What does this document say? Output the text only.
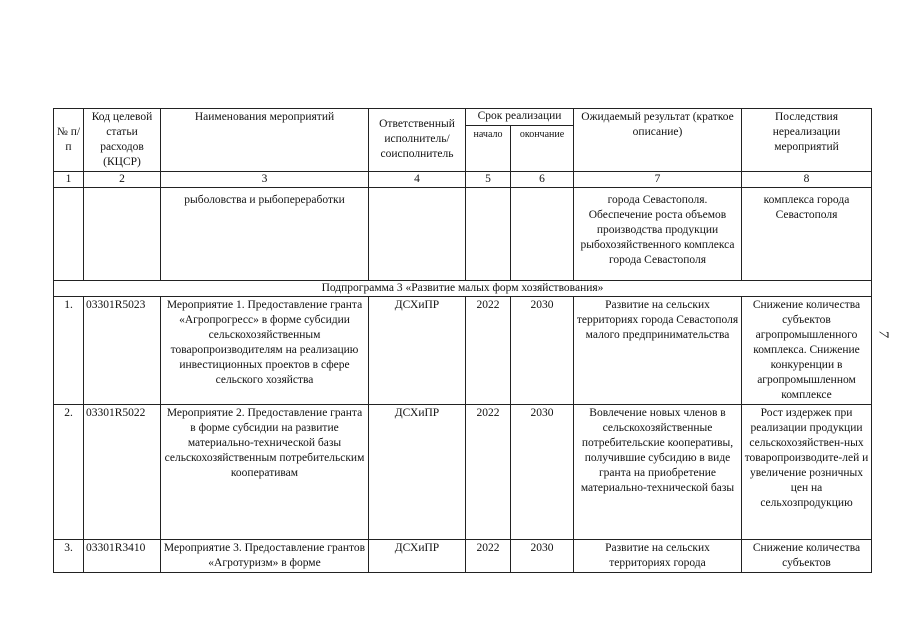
№ п/п	Код целевой статьи расходов (КЦСР)	Наименования мероприятий	Ответственный исполнитель/ соисполнитель	Срок реализации		Ожидаемый результат (краткое описание)	Последствия нереализации мероприятий
				начало	окончание		
1	2	3	4	5	6	7	8
		рыболовства и рыбопереработки				города Севастополя. Обеспечение роста объемов производства продукции рыбохозяйственного комплекса города Севастополя	комплекса города Севастополя
Подпрограмма 3 «Развитие малых форм хозяйствования»							
1.	03301R5023	Мероприятие 1. Предоставление гранта «Агропрогресс» в форме субсидии сельскохозяйственным товаропроизводителям на реализацию инвестиционных проектов в сфере сельского хозяйства	ДСХиПР	2022	2030	Развитие на сельских территориях города Севастополя малого предпринимательства	Снижение количества субъектов агропромышленного комплекса. Снижение конкуренции в агропромышленном комплексе
2.	03301R5022	Мероприятие 2. Предоставление гранта в форме субсидии на развитие материально-технической базы сельскохозяйственным потребительским кооперативам	ДСХиПР	2022	2030	Вовлечение новых членов в сельскохозяйственные потребительские кооперативы, получившие субсидию в виде гранта на приобретение материально-технической базы	Рост издержек при реализации продукции сельскохозяйствен-ных товаропроизводите-лей и увеличение розничных цен на сельхозпродукцию
3.	03301R3410	Мероприятие 3. Предоставление грантов «Агротуризм» в форме	ДСХиПР	2022	2030	Развитие на сельских территориях города	Снижение количества субъектов
7
